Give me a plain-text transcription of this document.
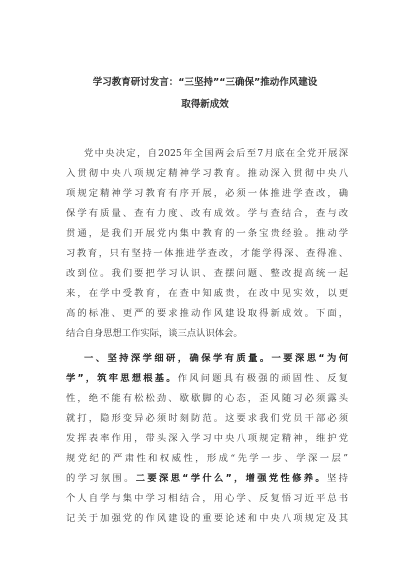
学习教育研讨发言：“三坚持”“三确保”推动作风建设
取得新成效
党中央决定，自2025年全国两会后至7月底在全党开展深
入贯彻中央八项规定精神学习教育。推动深入贯彻中央八
项规定精神学习教育有序开展，必须一体推进学查改，确
保学有质量、查有力度、改有成效。学与查结合，查与改
贯通，是我们开展党内集中教育的一条宝贵经验。推动学
习教育，只有坚持一体推进学查改，才能学得深、查得准、
改到位。我们要把学习认识、查摆问题、整改提高统一起
来，在学中受教育，在查中知戚贵，在改中见实效，以更
高的标准、更严的要求推动作风建设取得新成效。下面，
结合自身思想工作实际，谈三点认识体会。
一、坚持深学细研，确保学有质量。一要深思“为何
学”，筑牢思想根基。作风问题具有极强的顽固性、反复
性，绝不能有松松劲、歇歇脚的心态，歪风随习必须露头
就打，隐形变异必须时刻防范。这要求我们党员干部必须
发挥表率作用，带头深入学习中央八项规定精神，维护党
规党纪的严肃性和权威性，形成“先学一步、学深一层”
的学习氛围。二要深思“学什么”，增强党性修养。坚持
个人自学与集中学习相结合，用心学、反复悟习近平总书
记关于加强党的作风建设的重要论述和中央八项规定及其
